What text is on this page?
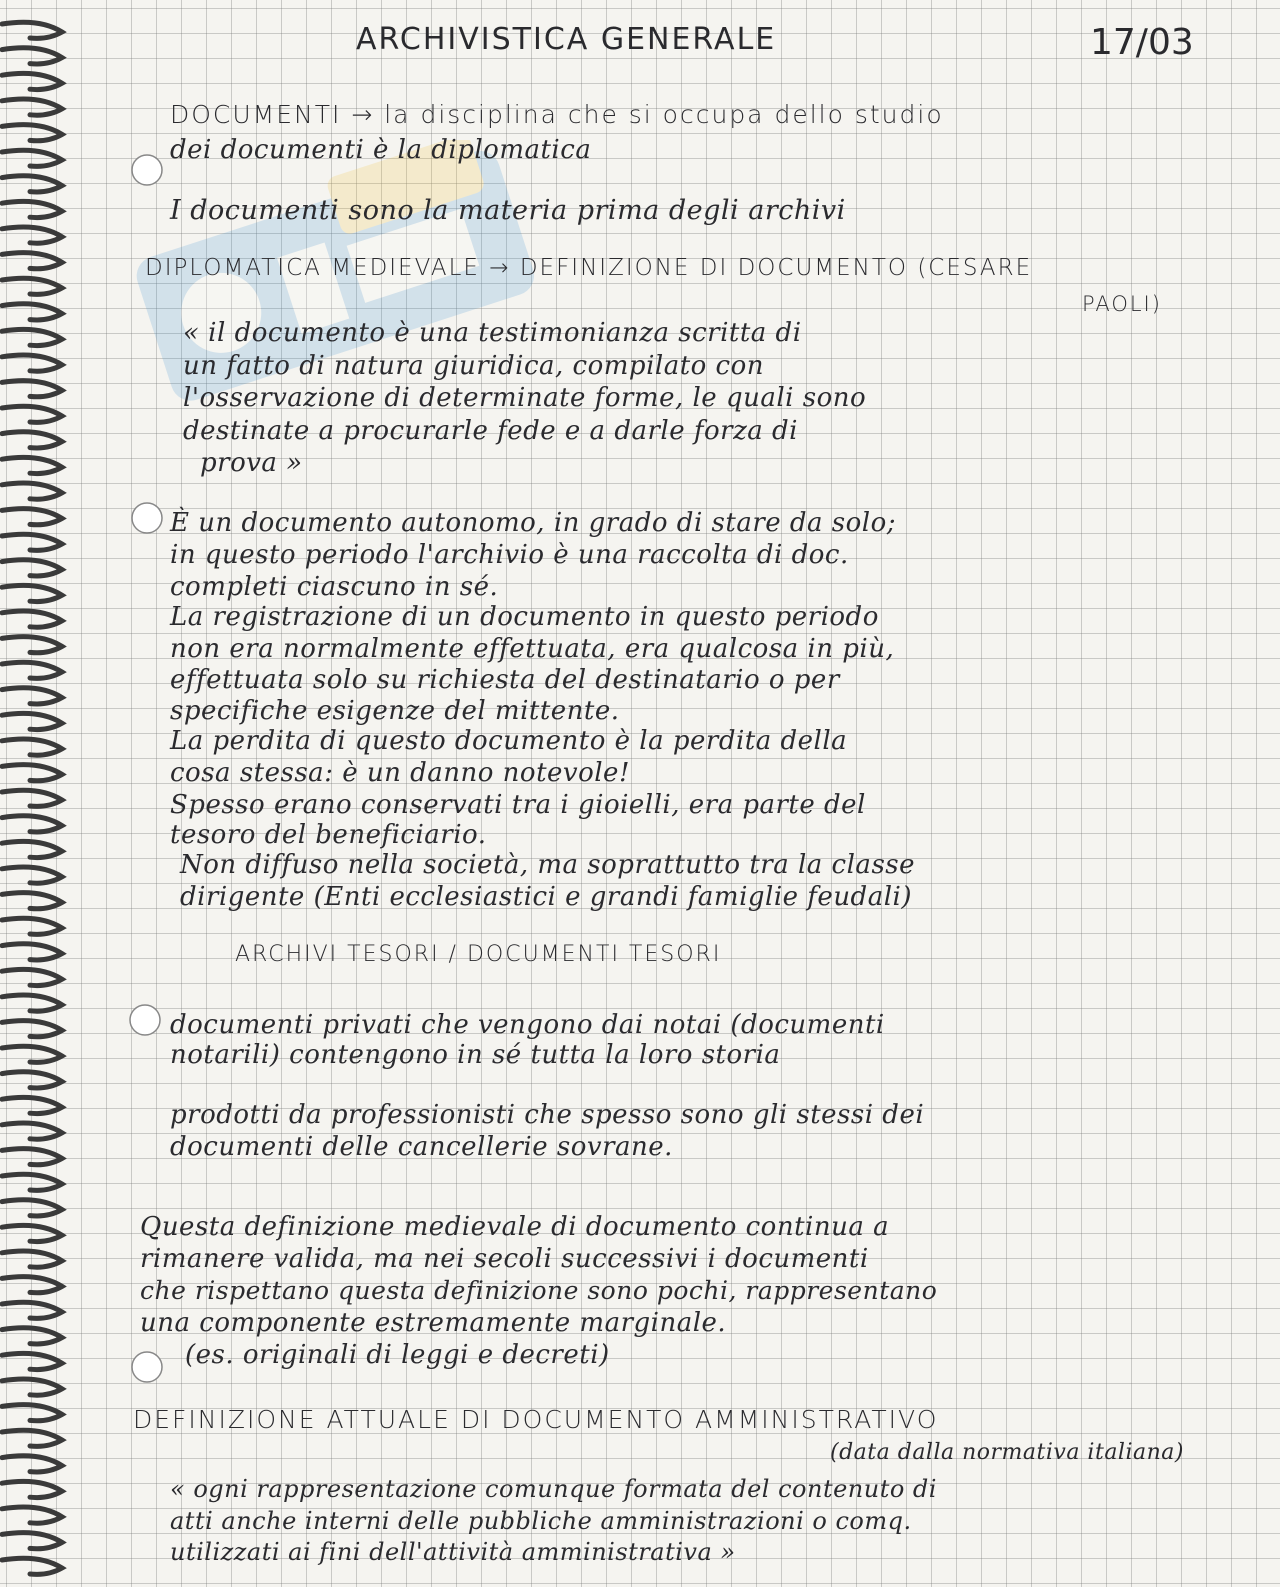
ARCHIVISTICA GENERALE	17/03
DOCUMENTI → la disciplina che si occupa dello studio
dei documenti è la diplomatica
I documenti sono la materia prima degli archivi
DIPLOMATICA MEDIEVALE → DEFINIZIONE DI DOCUMENTO (CESARE
PAOLI)
« il documento è una testimonianza scritta di
un fatto di natura giuridica, compilato con
l'osservazione di determinate forme, le quali sono
destinate a procurarle fede e a darle forza di
prova »
È un documento autonomo, in grado di stare da solo;
in questo periodo l'archivio è una raccolta di doc.
completi ciascuno in sé.
La registrazione di un documento in questo periodo
non era normalmente effettuata, era qualcosa in più,
effettuata solo su richiesta del destinatario o per
specifiche esigenze del mittente.
La perdita di questo documento è la perdita della
cosa stessa: è un danno notevole!
Spesso erano conservati tra i gioielli, era parte del
tesoro del beneficiario.
Non diffuso nella società, ma soprattutto tra la classe
dirigente (Enti ecclesiastici e grandi famiglie feudali)
ARCHIVI TESORI / DOCUMENTI TESORI
documenti privati che vengono dai notai (documenti
notarili) contengono in sé tutta la loro storia
prodotti da professionisti che spesso sono gli stessi dei
documenti delle cancellerie sovrane.
Questa definizione medievale di documento continua a
rimanere valida, ma nei secoli successivi i documenti
che rispettano questa definizione sono pochi, rappresentano
una componente estremamente marginale.
(es. originali di leggi e decreti)
DEFINIZIONE ATTUALE DI DOCUMENTO AMMINISTRATIVO
(data dalla normativa italiana)
« ogni rappresentazione comunque formata del contenuto di
atti anche interni delle pubbliche amministrazioni o comq.
utilizzati ai fini dell'attività amministrativa »
